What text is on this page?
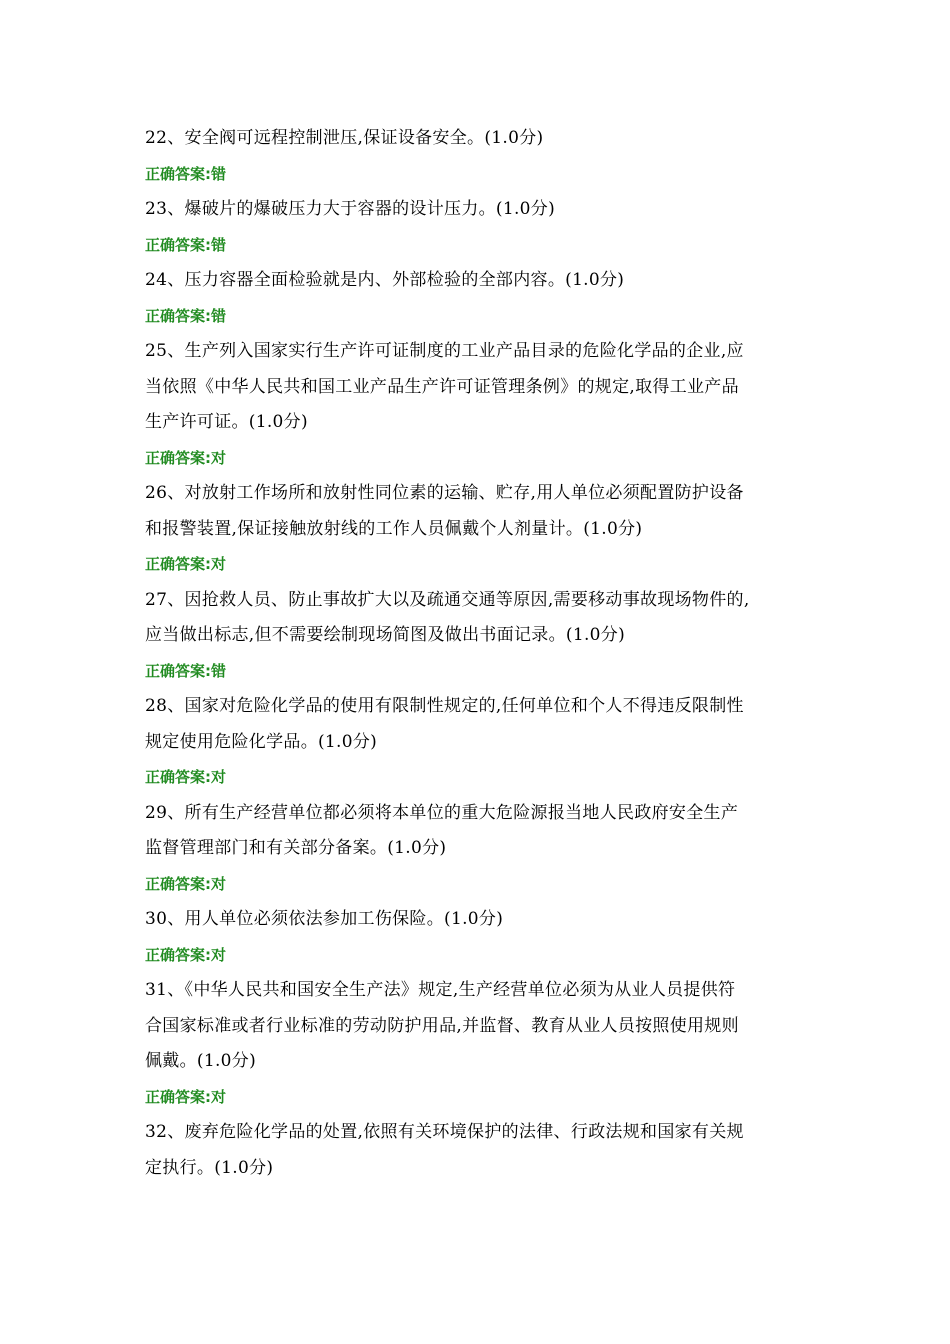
22、安全阀可远程控制泄压,保证设备安全。(1.0分)
正确答案:错
23、爆破片的爆破压力大于容器的设计压力。(1.0分)
正确答案:错
24、压力容器全面检验就是内、外部检验的全部内容。(1.0分)
正确答案:错
25、生产列入国家实行生产许可证制度的工业产品目录的危险化学品的企业,应
当依照《中华人民共和国工业产品生产许可证管理条例》的规定,取得工业产品
生产许可证。(1.0分)
正确答案:对
26、对放射工作场所和放射性同位素的运输、贮存,用人单位必须配置防护设备
和报警装置,保证接触放射线的工作人员佩戴个人剂量计。(1.0分)
正确答案:对
27、因抢救人员、防止事故扩大以及疏通交通等原因,需要移动事故现场物件的,
应当做出标志,但不需要绘制现场简图及做出书面记录。(1.0分)
正确答案:错
28、国家对危险化学品的使用有限制性规定的,任何单位和个人不得违反限制性
规定使用危险化学品。(1.0分)
正确答案:对
29、所有生产经营单位都必须将本单位的重大危险源报当地人民政府安全生产
监督管理部门和有关部分备案。(1.0分)
正确答案:对
30、用人单位必须依法参加工伤保险。(1.0分)
正确答案:对
31、《中华人民共和国安全生产法》规定,生产经营单位必须为从业人员提供符
合国家标准或者行业标准的劳动防护用品,并监督、教育从业人员按照使用规则
佩戴。(1.0分)
正确答案:对
32、废弃危险化学品的处置,依照有关环境保护的法律、行政法规和国家有关规
定执行。(1.0分)
